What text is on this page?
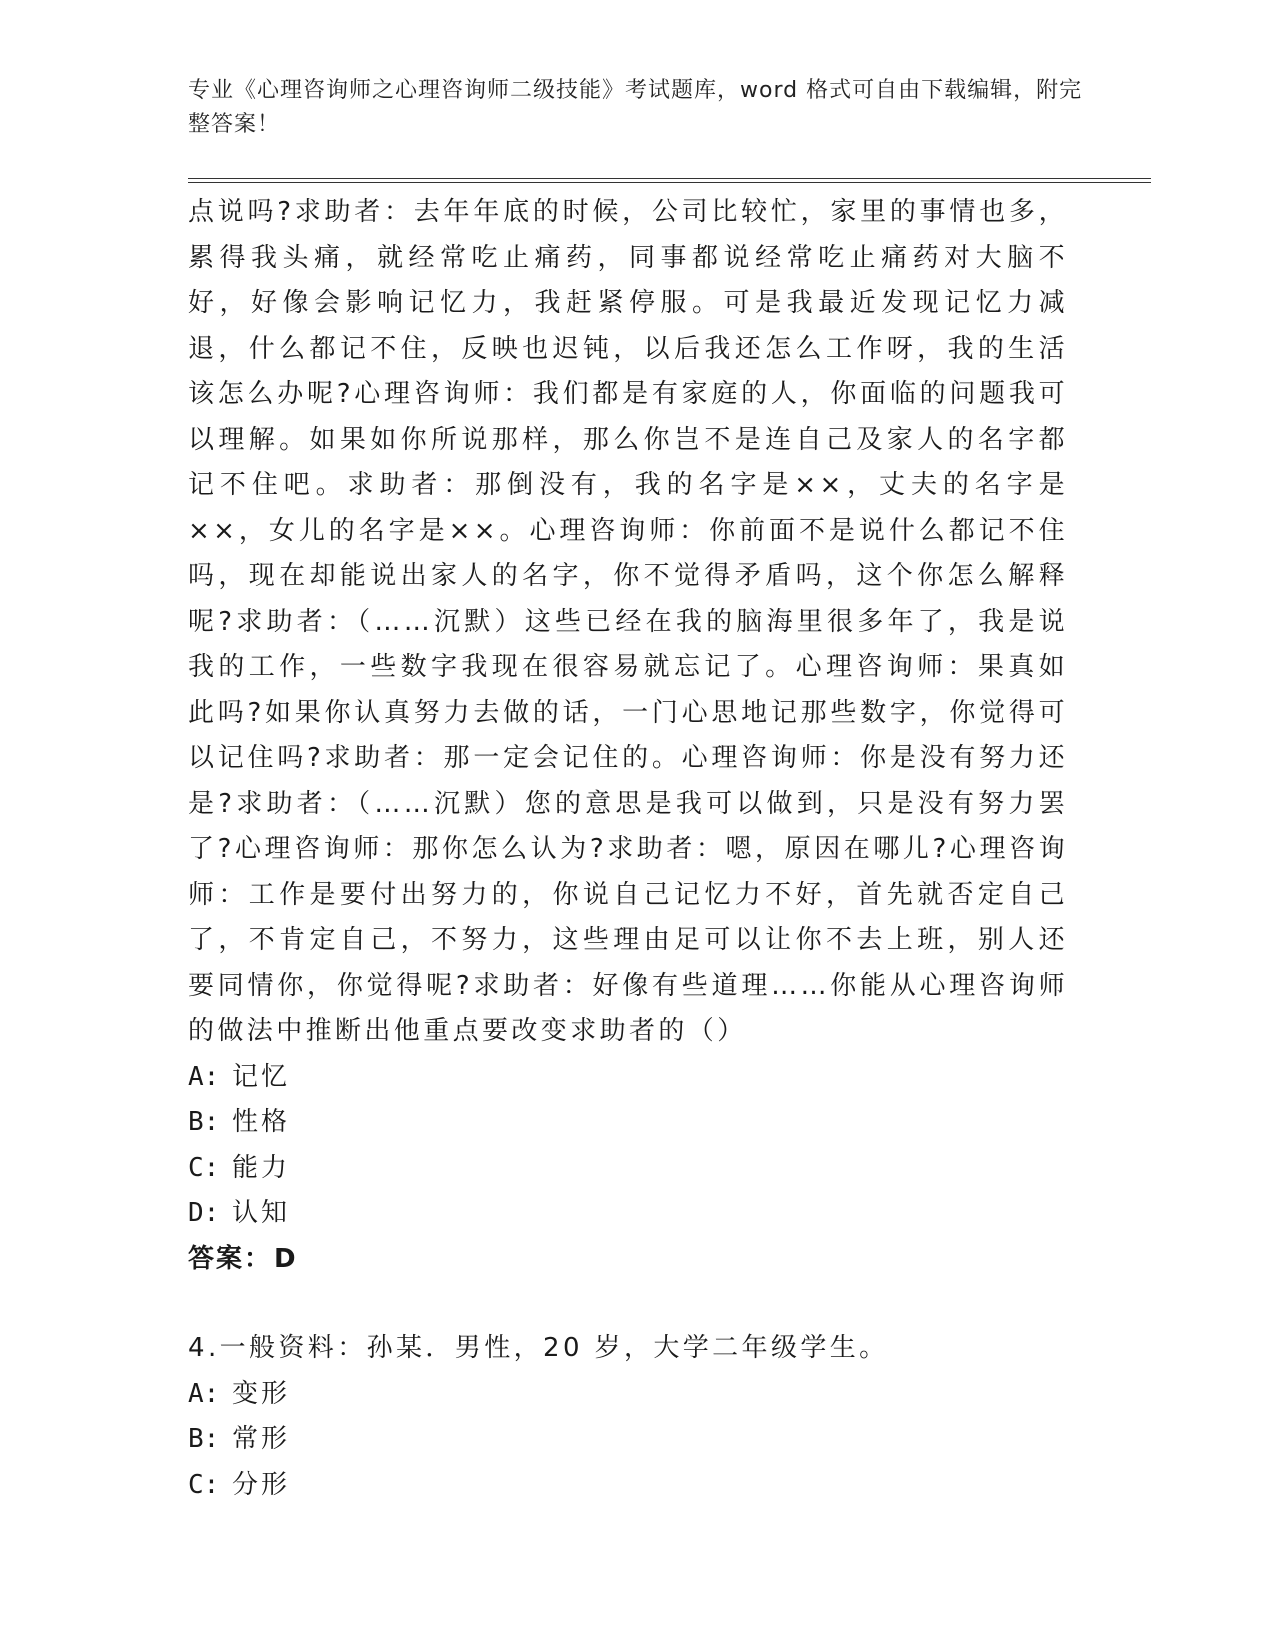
专业《心理咨询师之心理咨询师二级技能》考试题库，word 格式可自由下载编辑，附完整答案！

点说吗?求助者：去年年底的时候，公司比较忙，家里的事情也多，累得我头痛，就经常吃止痛药，同事都说经常吃止痛药对大脑不好，好像会影响记忆力，我赶紧停服。可是我最近发现记忆力减退，什么都记不住，反映也迟钝，以后我还怎么工作呀，我的生活该怎么办呢?心理咨询师：我们都是有家庭的人，你面临的问题我可以理解。如果如你所说那样，那么你岂不是连自己及家人的名字都记不住吧。求助者：那倒没有，我的名字是××，丈夫的名字是××，女儿的名字是××。心理咨询师：你前面不是说什么都记不住吗，现在却能说出家人的名字，你不觉得矛盾吗，这个你怎么解释呢?求助者：（……沉默）这些已经在我的脑海里很多年了，我是说我的工作，一些数字我现在很容易就忘记了。心理咨询师：果真如此吗?如果你认真努力去做的话，一门心思地记那些数字，你觉得可以记住吗?求助者：那一定会记住的。心理咨询师：你是没有努力还是?求助者：（……沉默）您的意思是我可以做到，只是没有努力罢了?心理咨询师：那你怎么认为?求助者：嗯，原因在哪儿?心理咨询师：工作是要付出努力的，你说自己记忆力不好，首先就否定自己了，不肯定自己，不努力，这些理由足可以让你不去上班，别人还要同情你，你觉得呢?求助者：好像有些道理……你能从心理咨询师的做法中推断出他重点要改变求助者的（）

A: 记忆

B: 性格

C: 能力

D: 认知

答案：D

4.一般资料：孙某．男性，20 岁，大学二年级学生。

A: 变形

B: 常形

C: 分形
